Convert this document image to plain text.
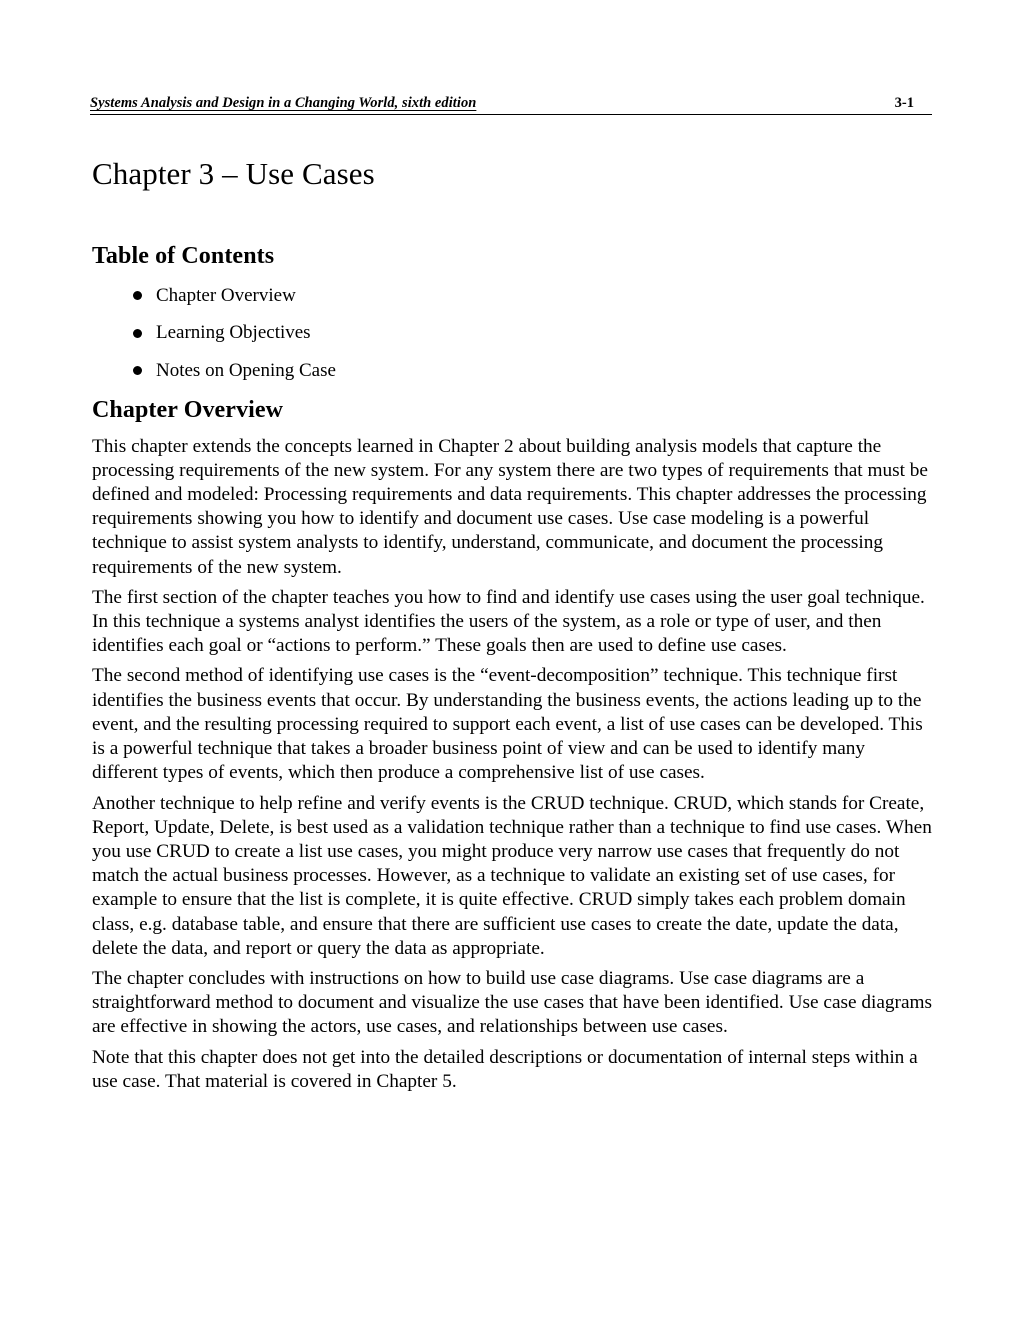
Systems Analysis and Design in a Changing World, sixth edition	3-1
Chapter 3 – Use Cases
Table of Contents
Chapter Overview
Learning Objectives
Notes on Opening Case
Chapter Overview

This chapter extends the concepts learned in Chapter 2 about building analysis models that capture the processing requirements of the new system. For any system there are two types of requirements that must be defined and modeled: Processing requirements and data requirements. This chapter addresses the processing requirements showing you how to identify and document use cases. Use case modeling is a powerful technique to assist system analysts to identify, understand, communicate, and document the processing requirements of the new system.

The first section of the chapter teaches you how to find and identify use cases using the user goal technique. In this technique a systems analyst identifies the users of the system, as a role or type of user, and then identifies each goal or “actions to perform.” These goals then are used to define use cases.

The second method of identifying use cases is the “event-decomposition” technique. This technique first identifies the business events that occur. By understanding the business events, the actions leading up to the event, and the resulting processing required to support each event, a list of use cases can be developed. This is a powerful technique that takes a broader business point of view and can be used to identify many different types of events, which then produce a comprehensive list of use cases.

Another technique to help refine and verify events is the CRUD technique. CRUD, which stands for Create, Report, Update, Delete, is best used as a validation technique rather than a technique to find use cases. When you use CRUD to create a list use cases, you might produce very narrow use cases that frequently do not match the actual business processes. However, as a technique to validate an existing set of use cases, for example to ensure that the list is complete, it is quite effective. CRUD simply takes each problem domain class, e.g. database table, and ensure that there are sufficient use cases to create the date, update the data, delete the data, and report or query the data as appropriate.

The chapter concludes with instructions on how to build use case diagrams. Use case diagrams are a straightforward method to document and visualize the use cases that have been identified. Use case diagrams are effective in showing the actors, use cases, and relationships between use cases.

Note that this chapter does not get into the detailed descriptions or documentation of internal steps within a use case. That material is covered in Chapter 5.
